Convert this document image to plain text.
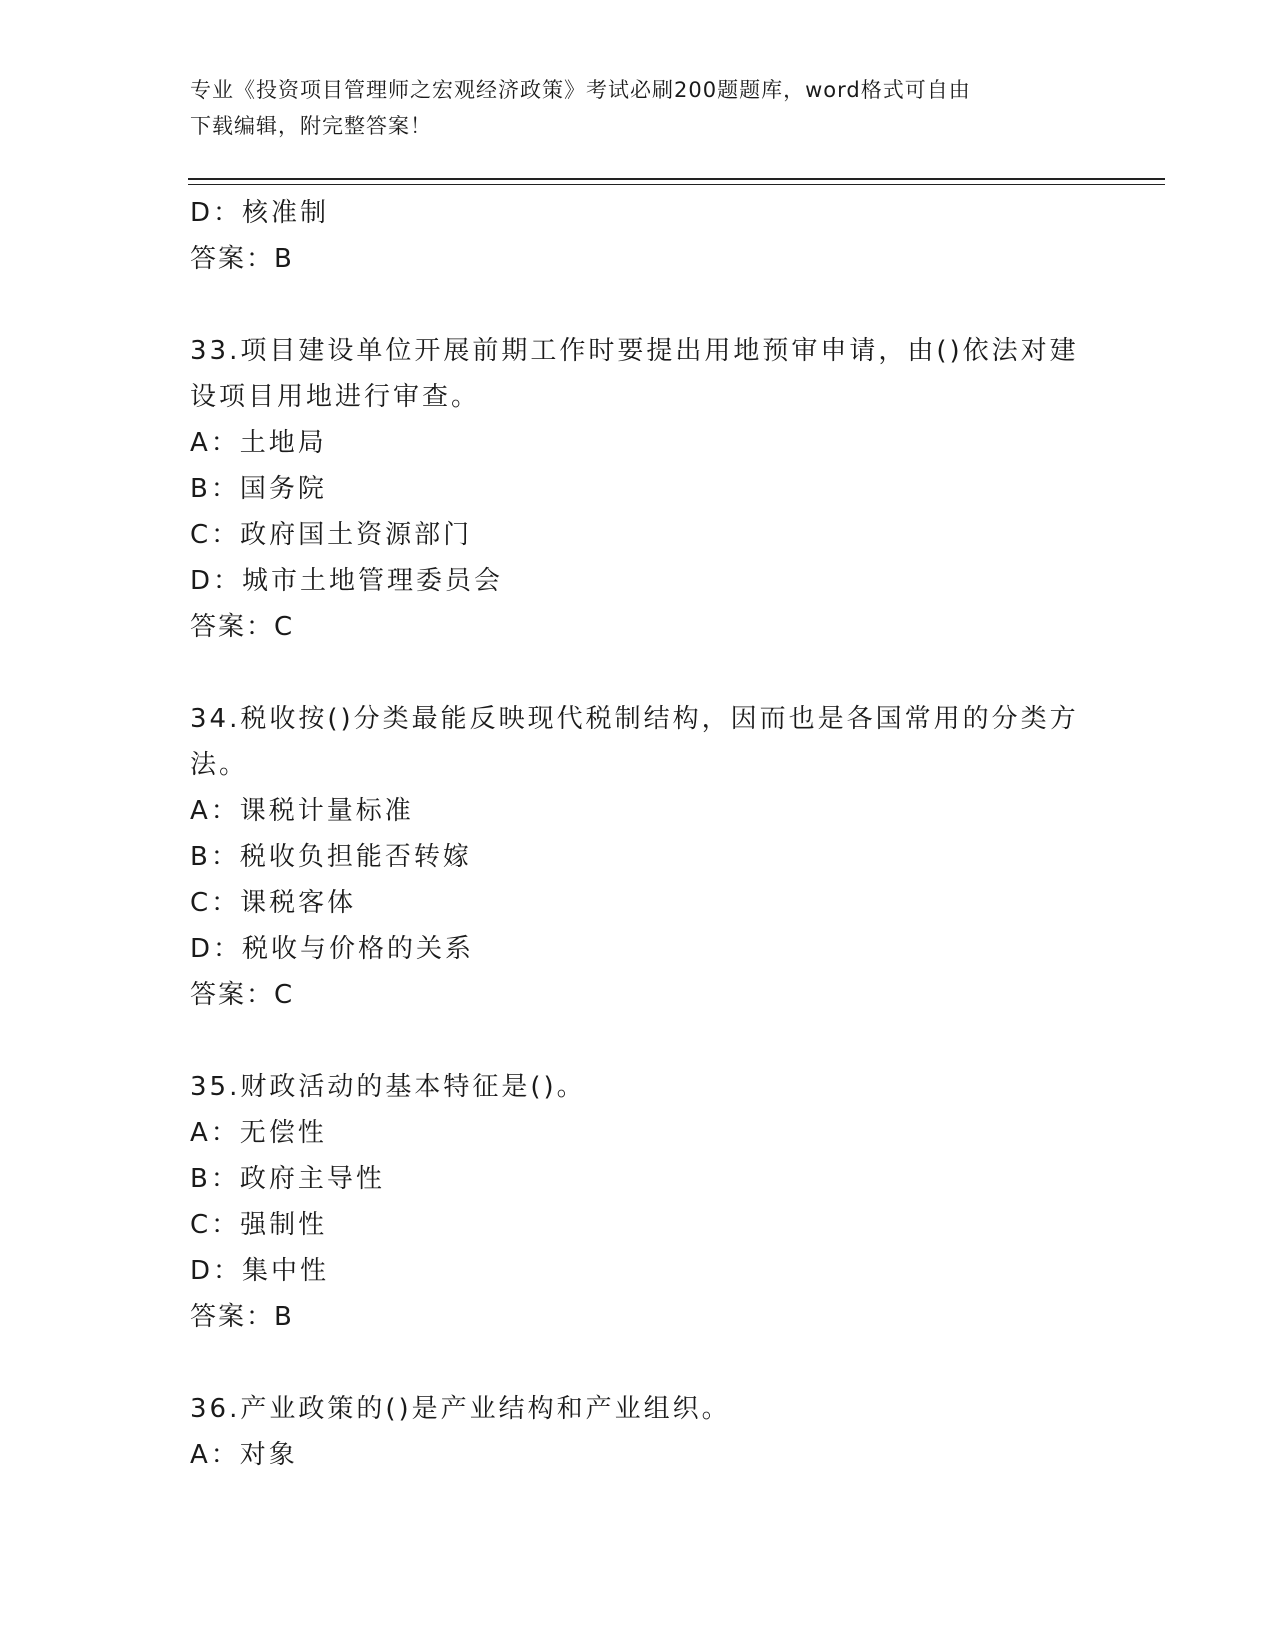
专业《投资项目管理师之宏观经济政策》考试必刷200题题库，word格式可自由
下载编辑，附完整答案！
D：核准制
答案：B
33.项目建设单位开展前期工作时要提出用地预审申请，由()依法对建
设项目用地进行审查。
A：土地局
B：国务院
C：政府国土资源部门
D：城市土地管理委员会
答案：C
34.税收按()分类最能反映现代税制结构，因而也是各国常用的分类方
法。
A：课税计量标准
B：税收负担能否转嫁
C：课税客体
D：税收与价格的关系
答案：C
35.财政活动的基本特征是()。
A：无偿性
B：政府主导性
C：强制性
D：集中性
答案：B
36.产业政策的()是产业结构和产业组织。
A：对象
